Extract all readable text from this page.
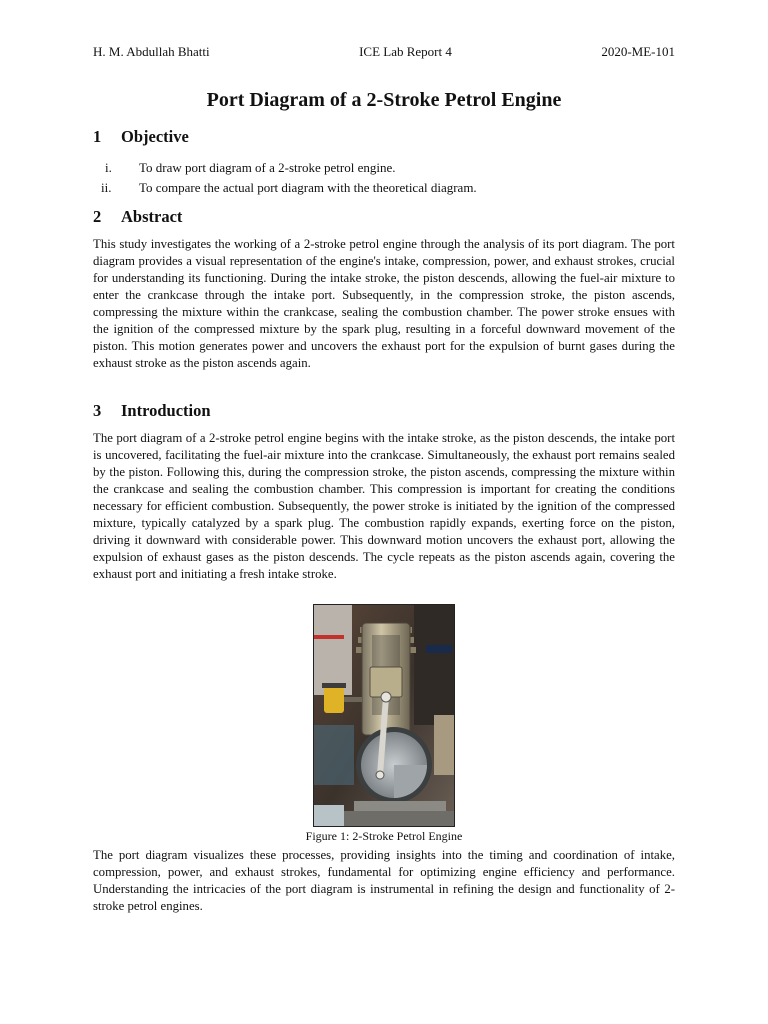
H. M. Abdullah Bhatti	ICE Lab Report 4	2020-ME-101
Port Diagram of a 2-Stroke Petrol Engine
1 Objective
i. To draw port diagram of a 2-stroke petrol engine.
ii. To compare the actual port diagram with the theoretical diagram.
2 Abstract

This study investigates the working of a 2-stroke petrol engine through the analysis of its port diagram. The port diagram provides a visual representation of the engine's intake, compression, power, and exhaust strokes, crucial for understanding its functioning. During the intake stroke, the piston descends, allowing the fuel-air mixture to enter the crankcase through the intake port. Subsequently, in the compression stroke, the piston ascends, compressing the mixture within the crankcase, sealing the combustion chamber. The power stroke ensues with the ignition of the compressed mixture by the spark plug, resulting in a forceful downward movement of the piston. This motion generates power and uncovers the exhaust port for the expulsion of burnt gases during the exhaust stroke as the piston ascends again.

3 Introduction

The port diagram of a 2-stroke petrol engine begins with the intake stroke, as the piston descends, the intake port is uncovered, facilitating the fuel-air mixture into the crankcase. Simultaneously, the exhaust port remains sealed by the piston. Following this, during the compression stroke, the piston ascends, compressing the mixture within the crankcase and sealing the combustion chamber. This compression is important for creating the conditions necessary for efficient combustion. Subsequently, the power stroke is initiated by the ignition of the compressed mixture, typically catalyzed by a spark plug. The combustion rapidly expands, exerting force on the piston, driving it downward with considerable power. This downward motion uncovers the exhaust port, allowing the expulsion of exhaust gases as the piston descends. The cycle repeats as the piston ascends again, covering the exhaust port and initiating a fresh intake stroke.

Figure 1: 2-Stroke Petrol Engine

The port diagram visualizes these processes, providing insights into the timing and coordination of intake, compression, power, and exhaust strokes, fundamental for optimizing engine efficiency and performance. Understanding the intricacies of the port diagram is instrumental in refining the design and functionality of 2-stroke petrol engines.
